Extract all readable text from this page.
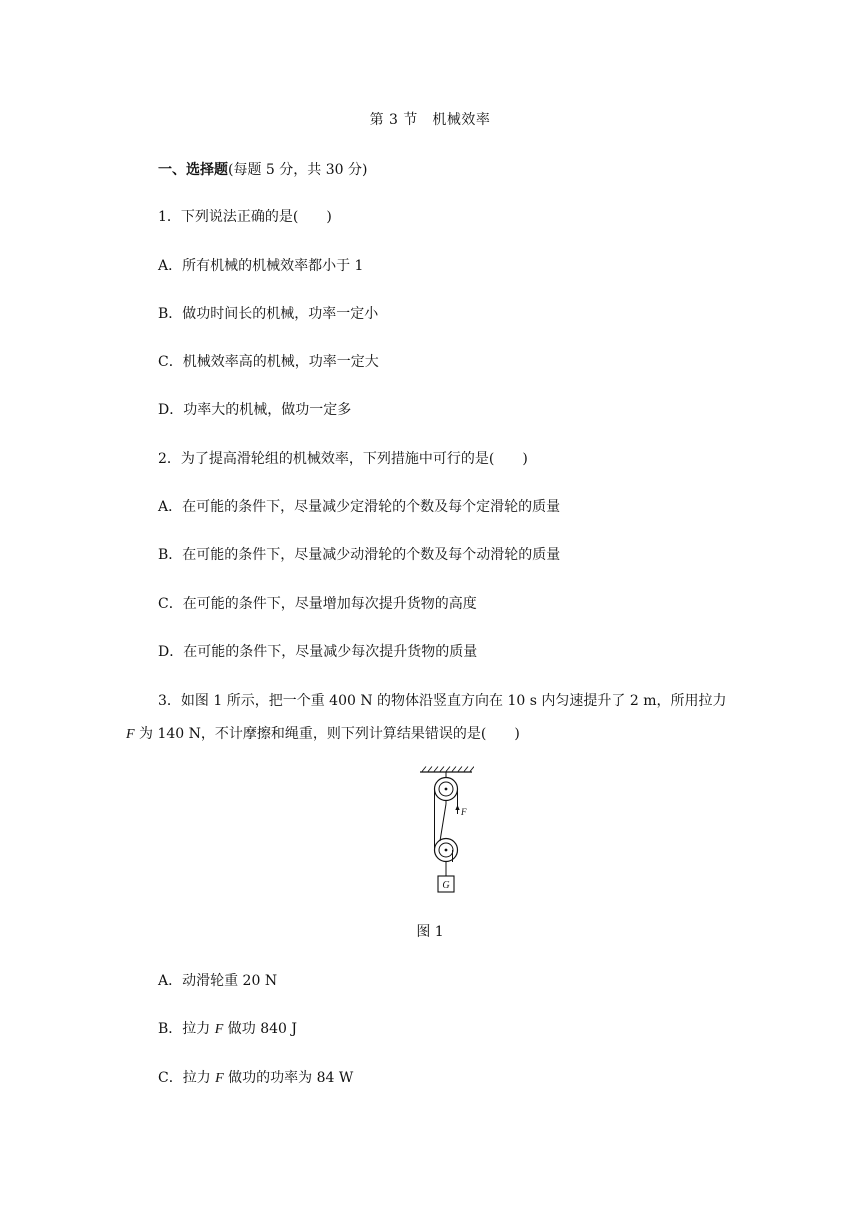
第 3 节　机械效率
一、选择题(每题 5 分，共 30 分)
1．下列说法正确的是(　　)
A．所有机械的机械效率都小于 1
B．做功时间长的机械，功率一定小
C．机械效率高的机械，功率一定大
D．功率大的机械，做功一定多
2．为了提高滑轮组的机械效率，下列措施中可行的是(　　)
A．在可能的条件下，尽量减少定滑轮的个数及每个定滑轮的质量
B．在可能的条件下，尽量减少动滑轮的个数及每个动滑轮的质量
C．在可能的条件下，尽量增加每次提升货物的高度
D．在可能的条件下，尽量减少每次提升货物的质量
3．如图 1 所示，把一个重 400 N 的物体沿竖直方向在 10 s 内匀速提升了 2 m，所用拉力
F 为 140 N，不计摩擦和绳重，则下列计算结果错误的是(　　)
F
G
图 1
A．动滑轮重 20 N
B．拉力 F 做功 840 J
C．拉力 F 做功的功率为 84 W
